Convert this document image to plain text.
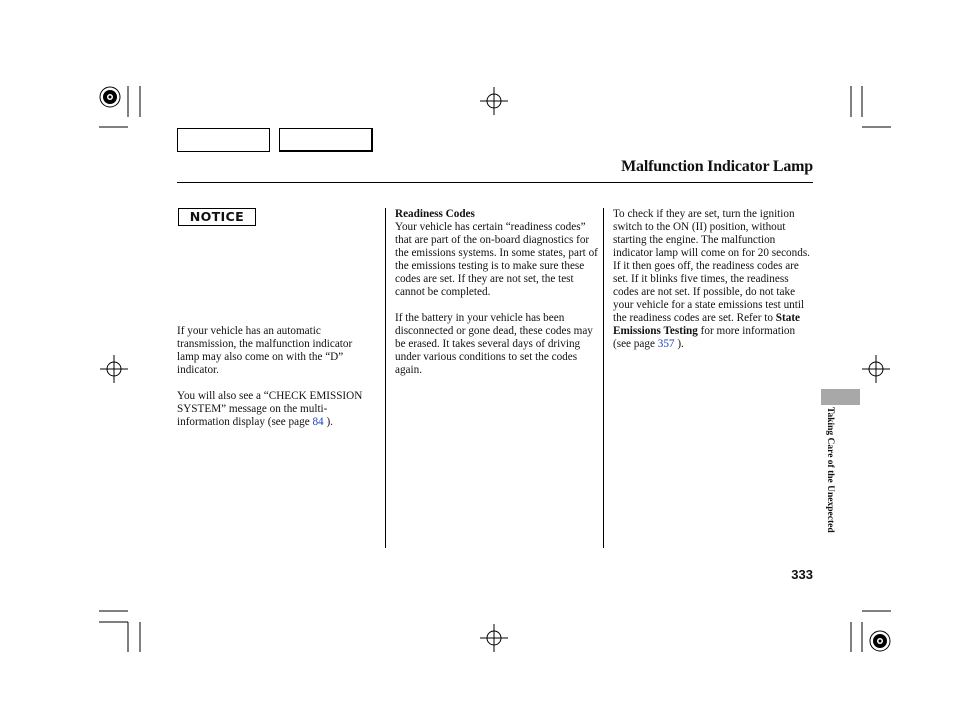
Malfunction Indicator Lamp
NOTICE

If your vehicle has an automatic transmission, the malfunction indicator lamp may also come on with the “D” indicator.

You will also see a “CHECK EMISSION SYSTEM” message on the multi-information display (see page 84 ).

Readiness Codes

Your vehicle has certain “readiness codes” that are part of the on-board diagnostics for the emissions systems. In some states, part of the emissions testing is to make sure these codes are set. If they are not set, the test cannot be completed.

If the battery in your vehicle has been disconnected or gone dead, these codes may be erased. It takes several days of driving under various conditions to set the codes again.

To check if they are set, turn the ignition switch to the ON (II) position, without starting the engine. The malfunction indicator lamp will come on for 20 seconds. If it then goes off, the readiness codes are set. If it blinks five times, the readiness codes are not set. If possible, do not take your vehicle for a state emissions test until the readiness codes are set. Refer to State Emissions Testing for more information (see page 357 ).

Taking Care of the Unexpected
333
